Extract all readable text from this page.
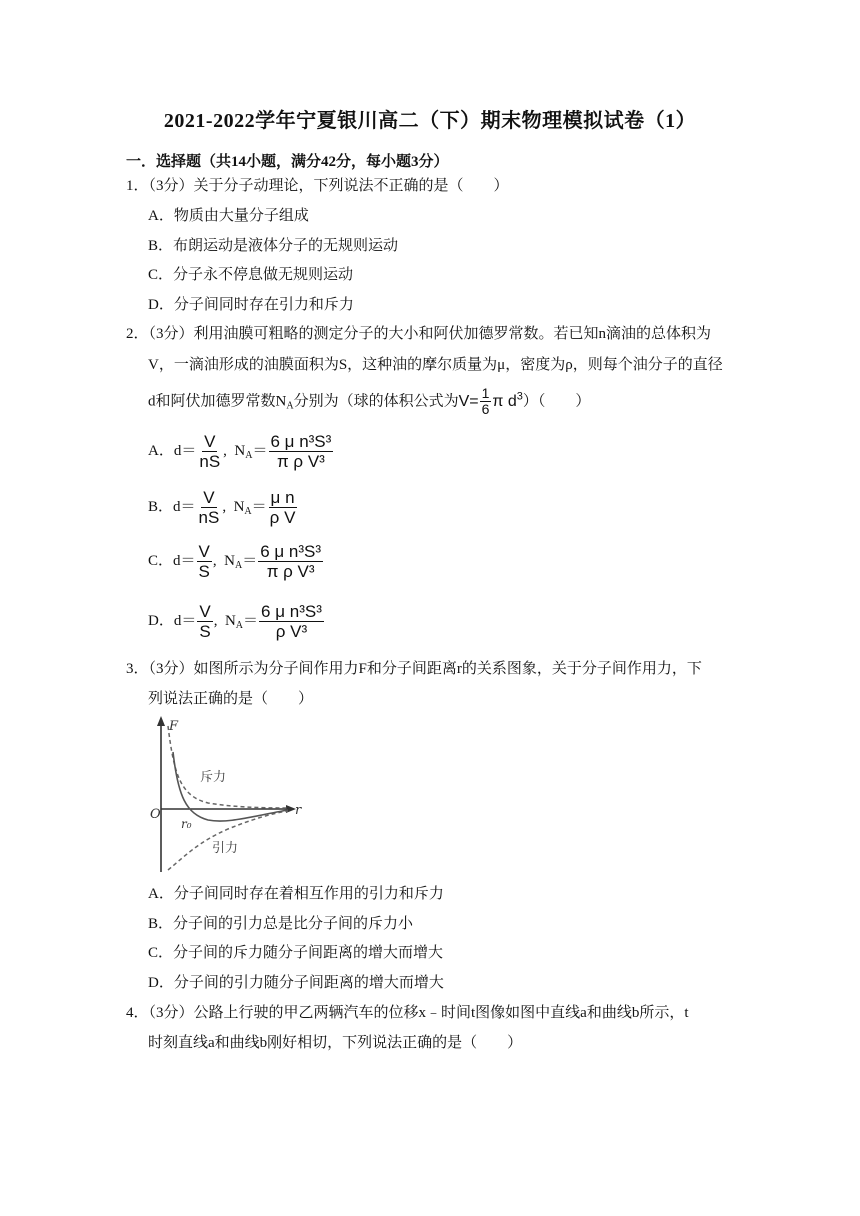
2021-2022学年宁夏银川高二（下）期末物理模拟试卷（1）
一．选择题（共14小题，满分42分，每小题3分）
1．（3分）关于分子动理论，下列说法不正确的是（　　）
A．物质由大量分子组成
B．布朗运动是液体分子的无规则运动
C．分子永不停息做无规则运动
D．分子间同时存在引力和斥力
2．（3分）利用油膜可粗略的测定分子的大小和阿伏加德罗常数。若已知n滴油的总体积为
V，一滴油形成的油膜面积为S，这种油的摩尔质量为μ，密度为ρ，则每个油分子的直径
d和阿伏加德罗常数$N_A$分别为（球的体积公式为$V= \frac{1}{6}$ π $d^3$）（　　）
A．$d= \frac{V}{nS}$ ,  $N_A= \frac{\text{6 μ n³S³}}{\text{π ρ V³}}$
B．$d= \frac{V}{nS}$ ,  $N_A= \frac{\text{μ n}}{\text{ρ V}}$
C．$d= \frac{V}{S}$ ,  $N_A= \frac{\text{6 μ n³S³}}{\text{π ρ V³}}$
D．$d= \frac{V}{S}$ ,  $N_A= \frac{\text{6 μ n³S³}}{\text{ρ V³}}$
3．（3分）如图所示为分子间作用力F和分子间距离r的关系图象，关于分子间作用力，下
列说法正确的是（　　）
F
r
O
r₀
斥力
引力
A．分子间同时存在着相互作用的引力和斥力
B．分子间的引力总是比分子间的斥力小
C．分子间的斥力随分子间距离的增大而增大
D．分子间的引力随分子间距离的增大而增大
4．（3分）公路上行驶的甲乙两辆汽车的位移x﹣时间t图像如图中直线a和曲线b所示，t
时刻直线a和曲线b刚好相切，下列说法正确的是（　　）
